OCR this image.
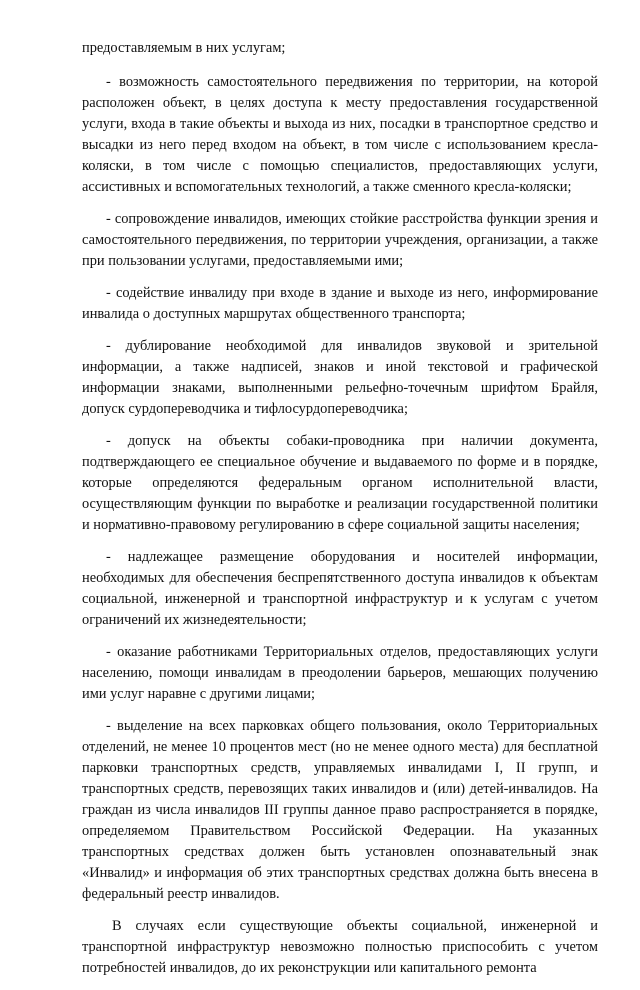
предоставляемым в них услугам;

- возможность самостоятельного передвижения по территории, на которой расположен объект, в целях доступа к месту предоставления государственной услуги, входа в такие объекты и выхода из них, посадки в транспортное средство и высадки из него перед входом на объект, в том числе с использованием кресла-коляски, в том числе с помощью специалистов, предоставляющих услуги, ассистивных и вспомогательных технологий, а также сменного кресла-коляски;

- сопровождение инвалидов, имеющих стойкие расстройства функции зрения и самостоятельного передвижения, по территории учреждения, организации, а также при пользовании услугами, предоставляемыми ими;

- содействие инвалиду при входе в здание и выходе из него, информирование инвалида о доступных маршрутах общественного транспорта;

- дублирование необходимой для инвалидов звуковой и зрительной информации, а также надписей, знаков и иной текстовой и графической информации знаками, выполненными рельефно-точечным шрифтом Брайля, допуск сурдопереводчика и тифлосурдопереводчика;

- допуск на объекты собаки-проводника при наличии документа, подтверждающего ее специальное обучение и выдаваемого по форме и в порядке, которые определяются федеральным органом исполнительной власти, осуществляющим функции по выработке и реализации государственной политики и нормативно-правовому регулированию в сфере социальной защиты населения;

- надлежащее размещение оборудования и носителей информации, необходимых для обеспечения беспрепятственного доступа инвалидов к объектам социальной, инженерной и транспортной инфраструктур и к услугам с учетом ограничений их жизнедеятельности;

- оказание работниками Территориальных отделов, предоставляющих услуги населению, помощи инвалидам в преодолении барьеров, мешающих получению ими услуг наравне с другими лицами;

- выделение на всех парковках общего пользования, около Территориальных отделений, не менее 10 процентов мест (но не менее одного места) для бесплатной парковки транспортных средств, управляемых инвалидами I, II групп, и транспортных средств, перевозящих таких инвалидов и (или) детей-инвалидов. На граждан из числа инвалидов III группы данное право распространяется в порядке, определяемом Правительством Российской Федерации. На указанных транспортных средствах должен быть установлен опознавательный знак «Инвалид» и информация об этих транспортных средствах должна быть внесена в федеральный реестр инвалидов.

В случаях если существующие объекты социальной, инженерной и транспортной инфраструктур невозможно полностью приспособить с учетом потребностей инвалидов, до их реконструкции или капитального ремонта
